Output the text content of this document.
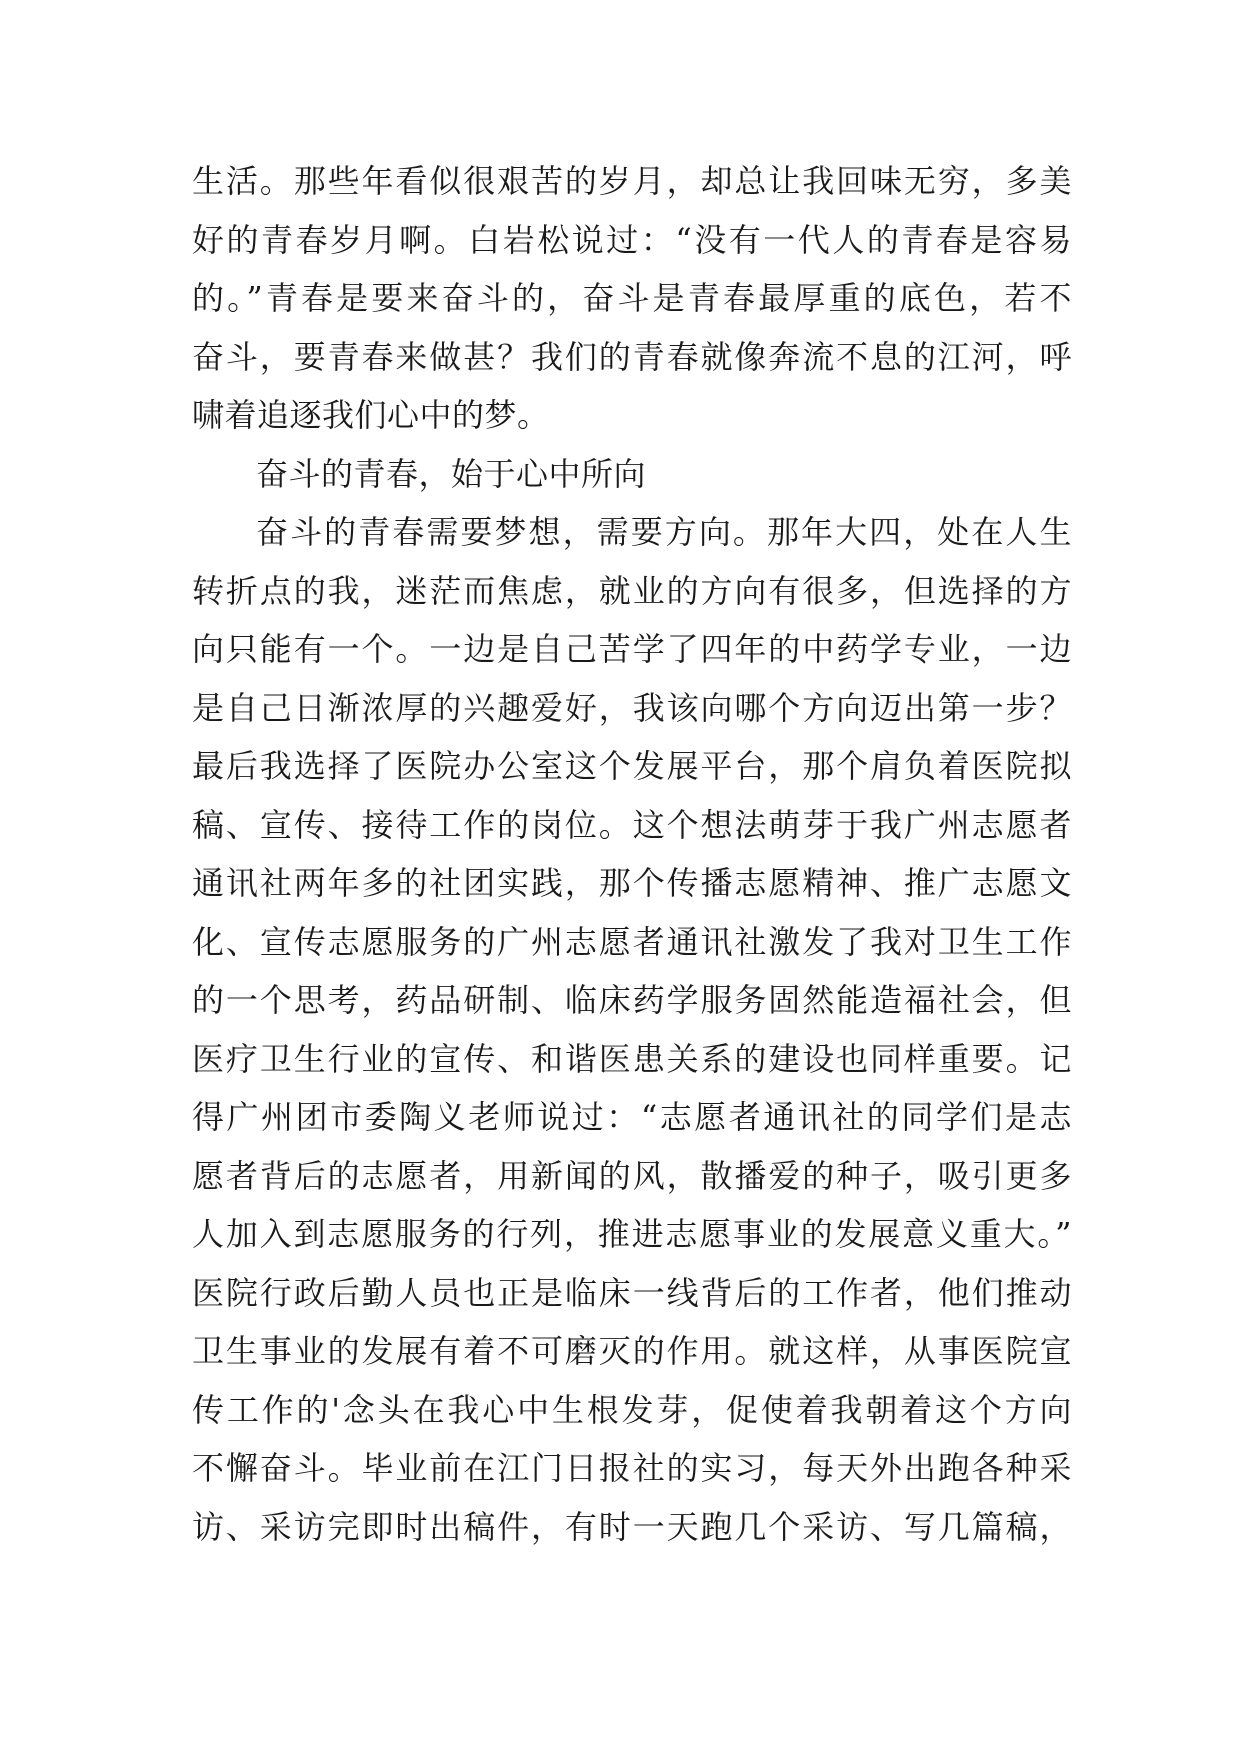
生活。那些年看似很艰苦的岁月，却总让我回味无穷，多美
好的青春岁月啊。白岩松说过：“没有一代人的青春是容易
的。”青春是要来奋斗的，奋斗是青春最厚重的底色，若不
奋斗，要青春来做甚？我们的青春就像奔流不息的江河，呼
啸着追逐我们心中的梦。
奋斗的青春，始于心中所向
奋斗的青春需要梦想，需要方向。那年大四，处在人生
转折点的我，迷茫而焦虑，就业的方向有很多，但选择的方
向只能有一个。一边是自己苦学了四年的中药学专业，一边
是自己日渐浓厚的兴趣爱好，我该向哪个方向迈出第一步？
最后我选择了医院办公室这个发展平台，那个肩负着医院拟
稿、宣传、接待工作的岗位。这个想法萌芽于我广州志愿者
通讯社两年多的社团实践，那个传播志愿精神、推广志愿文
化、宣传志愿服务的广州志愿者通讯社激发了我对卫生工作
的一个思考，药品研制、临床药学服务固然能造福社会，但
医疗卫生行业的宣传、和谐医患关系的建设也同样重要。记
得广州团市委陶义老师说过：“志愿者通讯社的同学们是志
愿者背后的志愿者，用新闻的风，散播爱的种子，吸引更多
人加入到志愿服务的行列，推进志愿事业的发展意义重大。”
医院行政后勤人员也正是临床一线背后的工作者，他们推动
卫生事业的发展有着不可磨灭的作用。就这样，从事医院宣
传工作的'念头在我心中生根发芽，促使着我朝着这个方向
不懈奋斗。毕业前在江门日报社的实习，每天外出跑各种采
访、采访完即时出稿件，有时一天跑几个采访、写几篇稿，
